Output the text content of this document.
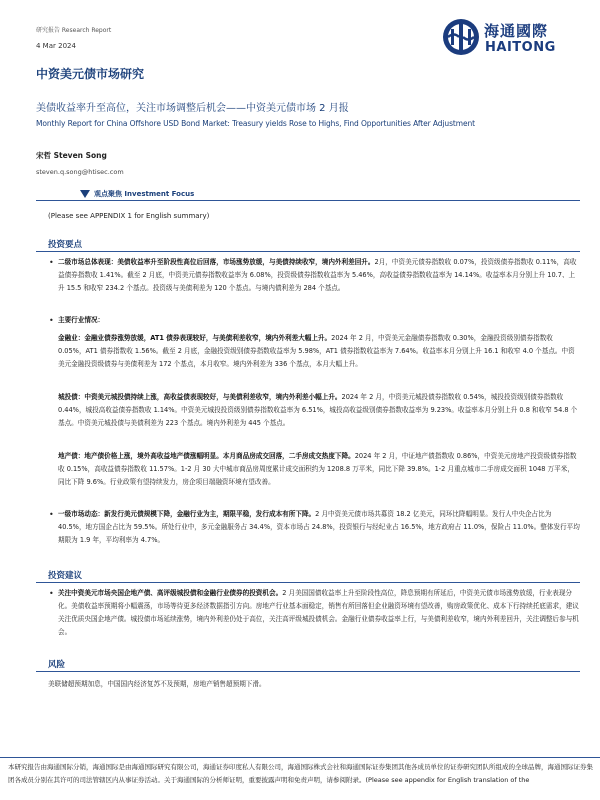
研究报告 Research Report
4 Mar 2024
中资美元债市场研究
海通國際
HAITONG
美债收益率升至高位，关注市场调整后机会——中资美元债市场 2 月报
Monthly Report for China Offshore USD Bond Market: Treasury yields Rose to Highs, Find Opportunities After Adjustment
宋哲 Steven Song
steven.q.song@htisec.com
观点聚焦 Investment Focus
(Please see APPENDIX 1 for English summary)
投资要点
• 二级市场总体表现：美债收益率升至阶段性高位后回落，市场涨势放缓，与美债持续收窄，境内外利差回升。2月，中资美元债券指数收 0.07%，投资级债券指数收 0.11%，高收益债券指数收 1.41%。截至 2 月底，中资美元债券指数收益率为 6.08%，投资级债券指数收益率为 5.46%，高收益债券指数收益率为 14.14%。收益率本月分别上升 10.7、上升 15.5 和收窄 234.2 个基点。投资级与美债利差为 120 个基点。与境内债利差为 284 个基点。
• 主要行业情况：
金融业：金融业债券涨势放缓，AT1 债券表现较好，与美债利差收窄，境内外利差大幅上升。2024 年 2 月，中资美元金融债券指数收 0.30%，金融投资级别债券指数收 0.05%，AT1 债券指数收 1.56%。截至 2 月底，金融投资级别债券指数收益率为 5.98%，AT1 债券指数收益率为 7.64%。收益率本月分别上升 16.1 和收窄 4.0 个基点。中资美元金融投资级债券与美债利差为 172 个基点，本月收窄。境内外利差为 336 个基点，本月大幅上升。
城投债：中资美元城投债持续上涨，高收益债表现较好，与美债利差收窄，境内外利差小幅上升。2024 年 2 月，中资美元城投债券指数收 0.54%，城投投资级别债券指数收 0.44%，城投高收益债券指数收 1.14%。中资美元城投投资级别债券指数收益率为 6.51%，城投高收益级别债券指数收益率为 9.23%。收益率本月分别上升 0.8 和收窄 54.8 个基点。中资美元城投债与美债利差为 223 个基点。境内外利差为 445 个基点。
地产债：地产债价格上涨，境外高收益地产债涨幅明显。本月商品房成交回落，二手房成交热度下降。2024 年 2 月，中证地产债指数收 0.86%，中资美元房地产投资级债券指数收 0.15%，高收益债券指数收 11.57%。1-2 月 30 大中城市商品房周度累计成交面积约为 1208.8 万平米，同比下降 39.8%。1-2 月重点城市二手房成交面积 1048 万平米，同比下降 9.6%。行业政策有望持续发力，房企项目端融资环境有望改善。
• 一级市场动态：新发行美元债规模下降，金融行业为主，期限平稳，发行成本有所下降。2 月中资美元债市场共募资 18.2 亿美元，同环比降幅明显。发行人中央企占比为 40.5%，地方国企占比为 59.5%。所处行业中，多元金融服务占 34.4%，资本市场占 24.8%，投资银行与经纪业占 16.5%，地方政府占 11.0%，保险占 11.0%。整体发行平均期限为 1.9 年，平均利率为 4.7%。
投资建议
• 关注中资美元市场央国企地产债、高评级城投债和金融行业债券的投资机会。2 月美国国债收益率上升至阶段性高位，降息预期有所延后，中资美元债市场涨势放缓，行业表现分化。美债收益率预期将小幅震荡，市场等待更多经济数据指引方向。房地产行业基本面稳定，销售有所回落但企业融资环境有望改善，购房政策优化、成本下行持续托底需求，建议关注优质央国企地产债。城投债市场延续涨势，境内外利差仍处于高位，关注高评级城投债机会。金融行业债券收益率上行，与美债利差收窄，境内外利差回升，关注调整后参与机会。
风险
美联储超预期加息，中国国内经济复苏不及预期，房地产销售超预期下滑。
本研究报告由海通国际分销，海通国际是由海通国际研究有限公司，海通证券印度私人有限公司，海通国际株式会社和海通国际证券集团其他各成员单位的证券研究团队所组成的全球品牌，海通国际证券集团各成员分别在其许可的司法管辖区内从事证券活动。关于海通国际的分析师证明，重要披露声明和免责声明，请参阅附录。(Please see appendix for English translation of the
